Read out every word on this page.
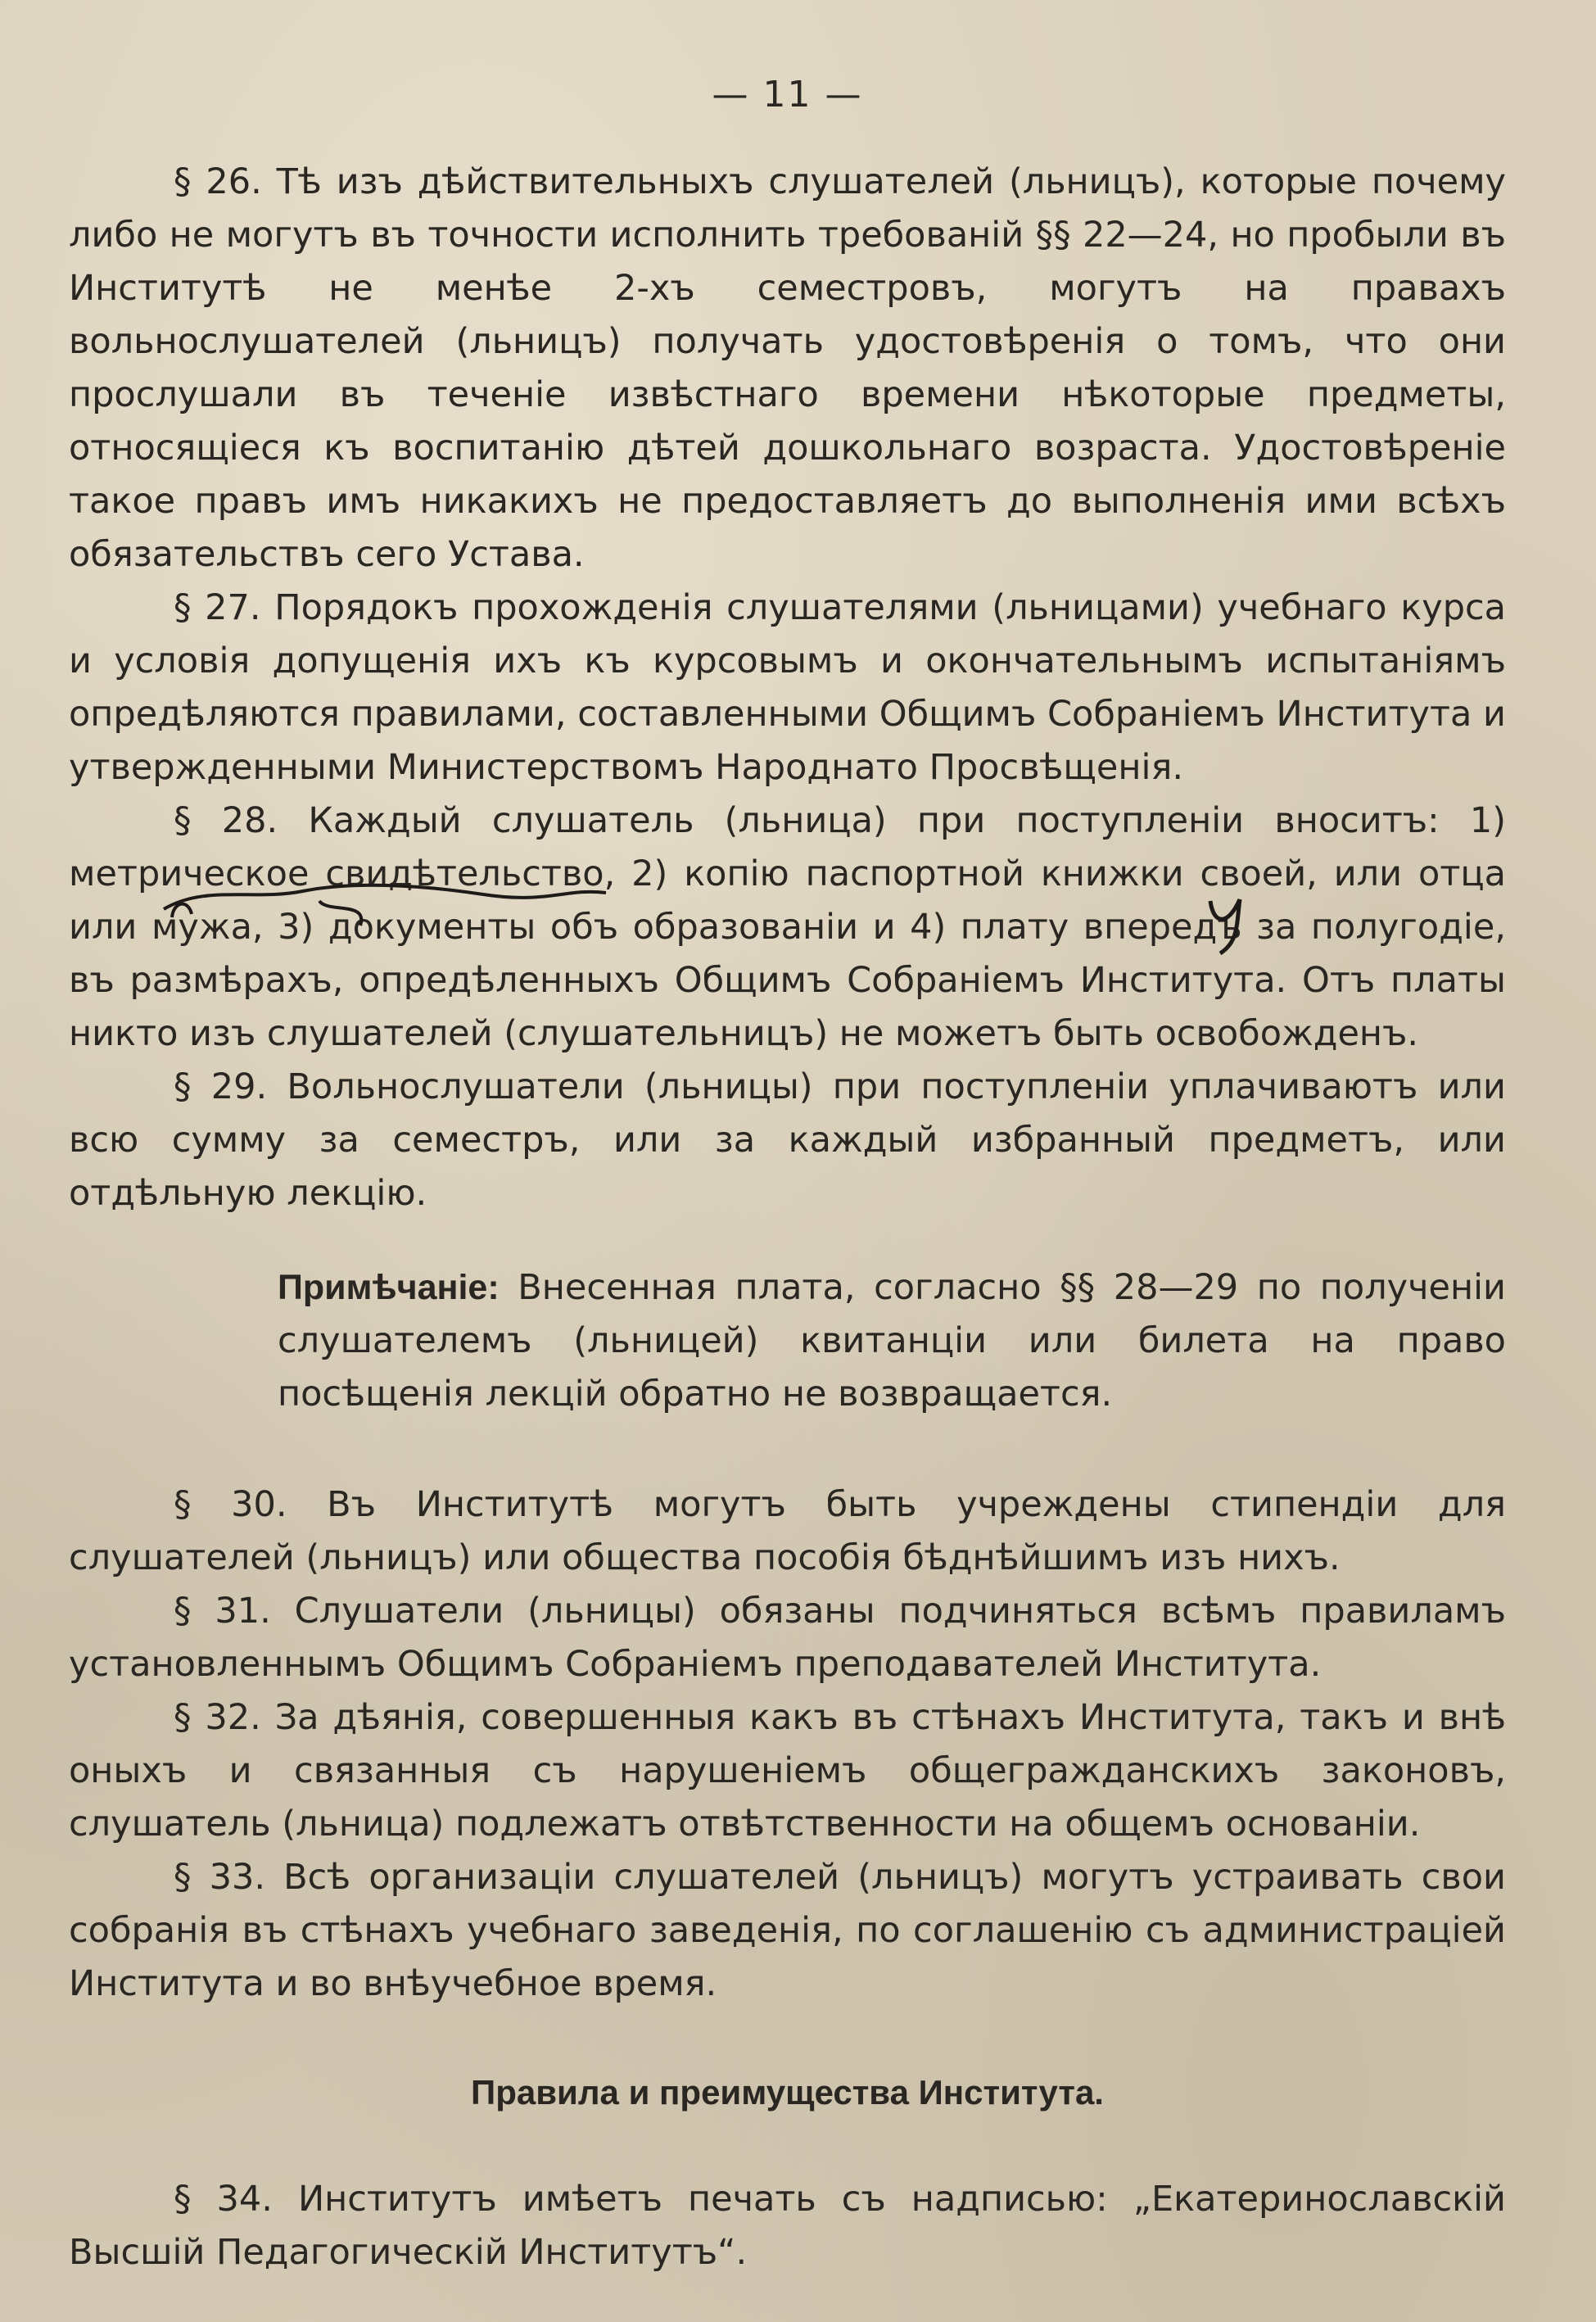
— 11 —

§ 26. Тѣ изъ дѣйствительныхъ слушателей (льницъ), которые почему либо не могутъ въ точности исполнить требованій §§ 22—24, но пробыли въ Институтѣ не менѣе 2-хъ семестровъ, могутъ на правахъ вольнослушателей (льницъ) получать удостовѣренія о томъ, что они прослушали въ теченіе извѣстнаго времени нѣкоторые предметы, относящіеся къ воспитанію дѣтей дошкольнаго возраста. Удостовѣреніе такое правъ имъ никакихъ не предоставляетъ до выполненія ими всѣхъ обязательствъ сего Устава.

§ 27. Порядокъ прохожденія слушателями (льницами) учебнаго курса и условія допущенія ихъ къ курсовымъ и окончательнымъ испытаніямъ опредѣляются правилами, составленными Общимъ Собраніемъ Института и утвержденными Министерствомъ Народнато Просвѣщенія.

§ 28. Каждый слушатель (льница) при поступленіи вноситъ: 1) метрическое свидѣтельство, 2) копію паспортной книжки своей, или отца или мужа, 3) документы объ образованіи и 4) плату впередъ за полугодіе, въ размѣрахъ, опредѣленныхъ Общимъ Собраніемъ Института. Отъ платы никто изъ слушателей (слушательницъ) не можетъ быть освобожденъ.

§ 29. Вольнослушатели (льницы) при поступленіи уплачиваютъ или всю сумму за семестръ, или за каждый избранный предметъ, или отдѣльную лекцію.

Примѣчаніе: Внесенная плата, согласно §§ 28—29 по полученіи слушателемъ (льницей) квитанціи или билета на право посѣщенія лекцій обратно не возвращается.

§ 30. Въ Институтѣ могутъ быть учреждены стипендіи для слушателей (льницъ) или общества пособія бѣднѣйшимъ изъ нихъ.

§ 31. Слушатели (льницы) обязаны подчиняться всѣмъ правиламъ установленнымъ Общимъ Собраніемъ преподавателей Института.

§ 32. За дѣянія, совершенныя какъ въ стѣнахъ Института, такъ и внѣ оныхъ и связанныя съ нарушеніемъ общегражданскихъ законовъ, слушатель (льница) подлежатъ отвѣтственности на общемъ основаніи.

§ 33. Всѣ организаціи слушателей (льницъ) могутъ устраивать свои собранія въ стѣнахъ учебнаго заведенія, по соглашенію съ администраціей Института и во внѣучебное время.

Правила и преимущества Института.

§ 34. Институтъ имѣетъ печать съ надписью: „Екатеринославскій Высшій Педагогическій Институтъ“.
